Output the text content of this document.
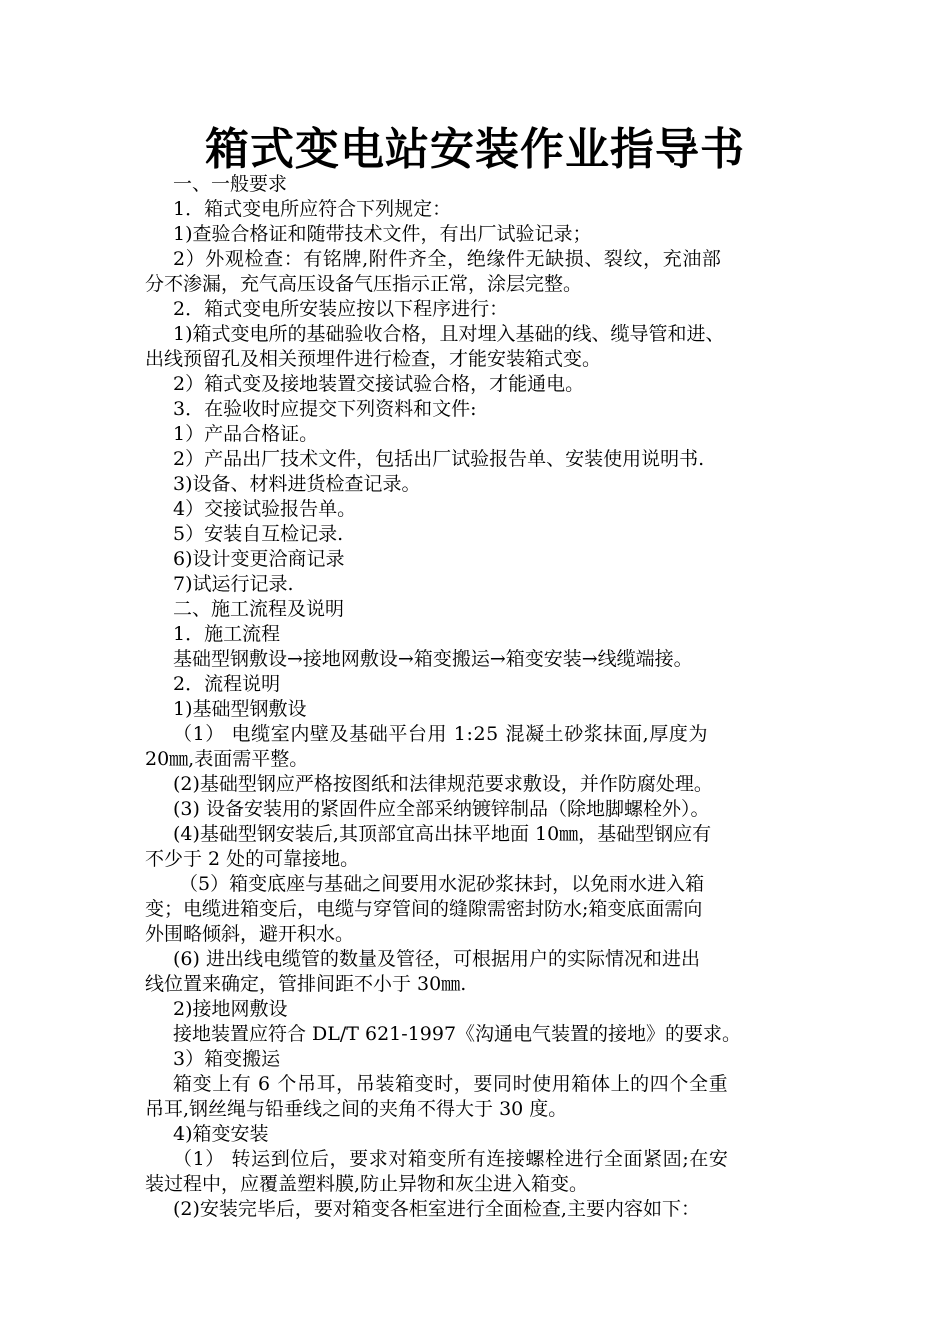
箱式变电站安装作业指导书
一、一般要求
1．箱式变电所应符合下列规定：
1)查验合格证和随带技术文件，有出厂试验记录；
2）外观检查：有铭牌,附件齐全，绝缘件无缺损、裂纹，充油部
分不渗漏，充气高压设备气压指示正常，涂层完整。
2．箱式变电所安装应按以下程序进行：
1)箱式变电所的基础验收合格，且对埋入基础的线、缆导管和进、
出线预留孔及相关预埋件进行检查，才能安装箱式变。
2）箱式变及接地装置交接试验合格，才能通电。
3．在验收时应提交下列资料和文件:
1）产品合格证。
2）产品出厂技术文件，包括出厂试验报告单、安装使用说明书.
3)设备、材料进货检查记录。
4）交接试验报告单。
5）安装自互检记录.
6)设计变更洽商记录
7)试运行记录.
二、施工流程及说明
1．施工流程
基础型钢敷设→接地网敷设→箱变搬运→箱变安装→线缆端接。
2．流程说明
1)基础型钢敷设
（1） 电缆室内壁及基础平台用 1:25 混凝土砂浆抹面,厚度为
20㎜,表面需平整。
(2)基础型钢应严格按图纸和法律规范要求敷设，并作防腐处理。
(3) 设备安装用的紧固件应全部采纳镀锌制品（除地脚螺栓外）。
(4)基础型钢安装后,其顶部宜高出抹平地面 10㎜，基础型钢应有
不少于 2 处的可靠接地。
（5）箱变底座与基础之间要用水泥砂浆抹封，以免雨水进入箱
变；电缆进箱变后，电缆与穿管间的缝隙需密封防水;箱变底面需向
外围略倾斜，避开积水。
(6) 进出线电缆管的数量及管径，可根据用户的实际情况和进出
线位置来确定，管排间距不小于 30㎜.
2)接地网敷设
接地装置应符合 DL/T 621-1997《沟通电气装置的接地》的要求。
3）箱变搬运
箱变上有 6 个吊耳，吊装箱变时，要同时使用箱体上的四个全重
吊耳,钢丝绳与铅垂线之间的夹角不得大于 30 度。
4)箱变安装
（1） 转运到位后，要求对箱变所有连接螺栓进行全面紧固;在安
装过程中，应覆盖塑料膜,防止异物和灰尘进入箱变。
(2)安装完毕后，要对箱变各柜室进行全面检查,主要内容如下：
